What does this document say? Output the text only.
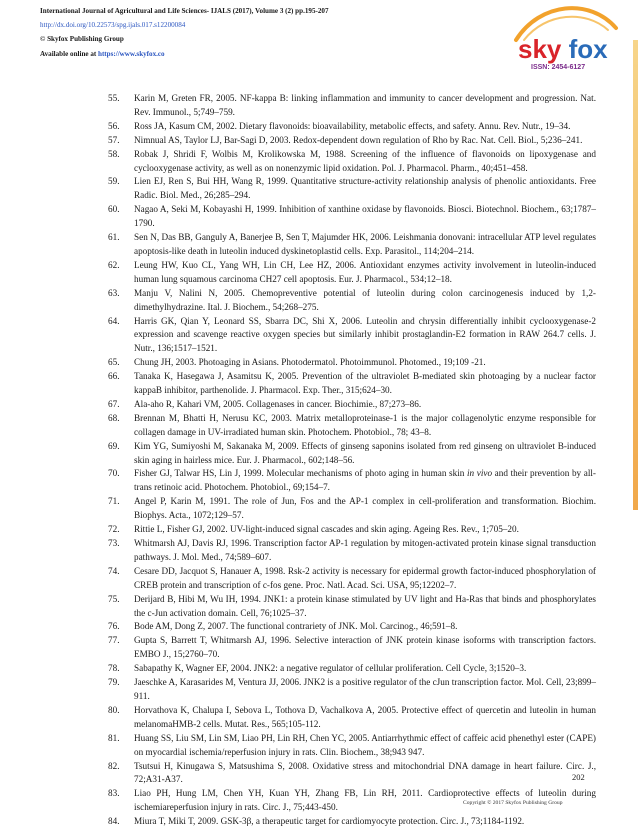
International Journal of Agricultural and Life Sciences- IJALS (2017), Volume 3 (2) pp.195-207
http://dx.doi.org/10.22573/spg.ijals.017.s12200084
© Skyfox Publishing Group
Available online at https://www.skyfox.co	sky fox
ISSN: 2454-6127
55. Karin M, Greten FR, 2005. NF-kappa B: linking inflammation and immunity to cancer development and progression. Nat. Rev. Immunol., 5;749–759.
56. Ross JA, Kasum CM, 2002. Dietary flavonoids: bioavailability, metabolic effects, and safety. Annu. Rev. Nutr., 19–34.
57. Nimnual AS, Taylor LJ, Bar-Sagi D, 2003. Redox-dependent down regulation of Rho by Rac. Nat. Cell. Biol., 5;236–241.
58. Robak J, Shridi F, Wolbis M, Krolikowska M, 1988. Screening of the influence of flavonoids on lipoxygenase and cyclooxygenase activity, as well as on nonenzymic lipid oxidation. Pol. J. Pharmacol. Pharm., 40;451–458.
59. Lien EJ, Ren S, Bui HH, Wang R, 1999. Quantitative structure-activity relationship analysis of phenolic antioxidants. Free Radic. Biol. Med., 26;285–294.
60. Nagao A, Seki M, Kobayashi H, 1999. Inhibition of xanthine oxidase by flavonoids. Biosci. Biotechnol. Biochem., 63;1787–1790.
61. Sen N, Das BB, Ganguly A, Banerjee B, Sen T, Majumder HK, 2006. Leishmania donovani: intracellular ATP level regulates apoptosis-like death in luteolin induced dyskinetoplastid cells. Exp. Parasitol., 114;204–214.
62. Leung HW, Kuo CL, Yang WH, Lin CH, Lee HZ, 2006. Antioxidant enzymes activity involvement in luteolin-induced human lung squamous carcinoma CH27 cell apoptosis. Eur. J. Pharmacol., 534;12–18.
63. Manju V, Nalini N, 2005. Chemopreventive potential of luteolin during colon carcinogenesis induced by 1,2-dimethylhydrazine. Ital. J. Biochem., 54;268–275.
64. Harris GK, Qian Y, Leonard SS, Sbarra DC, Shi X, 2006. Luteolin and chrysin differentially inhibit cyclooxygenase-2 expression and scavenge reactive oxygen species but similarly inhibit prostaglandin-E2 formation in RAW 264.7 cells. J. Nutr., 136;1517–1521.
65. Chung JH, 2003. Photoaging in Asians. Photodermatol. Photoimmunol. Photomed., 19;109 -21.
66. Tanaka K, Hasegawa J, Asamitsu K, 2005. Prevention of the ultraviolet B-mediated skin photoaging by a nuclear factor kappaB inhibitor, parthenolide. J. Pharmacol. Exp. Ther., 315;624–30.
67. Ala-aho R, Kahari VM, 2005. Collagenases in cancer. Biochimie., 87;273–86.
68. Brennan M, Bhatti H, Nerusu KC, 2003. Matrix metalloproteinase-1 is the major collagenolytic enzyme responsible for collagen damage in UV-irradiated human skin. Photochem. Photobiol., 78; 43–8.
69. Kim YG, Sumiyoshi M, Sakanaka M, 2009. Effects of ginseng saponins isolated from red ginseng on ultraviolet B-induced skin aging in hairless mice. Eur. J. Pharmacol., 602;148–56.
70. Fisher GJ, Talwar HS, Lin J, 1999. Molecular mechanisms of photo aging in human skin in vivo and their prevention by all-trans retinoic acid. Photochem. Photobiol., 69;154–7.
71. Angel P, Karin M, 1991. The role of Jun, Fos and the AP-1 complex in cell-proliferation and transformation. Biochim. Biophys. Acta., 1072;129–57.
72. Rittie L, Fisher GJ, 2002. UV-light-induced signal cascades and skin aging. Ageing Res. Rev., 1;705–20.
73. Whitmarsh AJ, Davis RJ, 1996. Transcription factor AP-1 regulation by mitogen-activated protein kinase signal transduction pathways. J. Mol. Med., 74;589–607.
74. Cesare DD, Jacquot S, Hanauer A, 1998. Rsk-2 activity is necessary for epidermal growth factor-induced phosphorylation of CREB protein and transcription of c-fos gene. Proc. Natl. Acad. Sci. USA, 95;12202–7.
75. Derijard B, Hibi M, Wu IH, 1994. JNK1: a protein kinase stimulated by UV light and Ha-Ras that binds and phosphorylates the c-Jun activation domain. Cell, 76;1025–37.
76. Bode AM, Dong Z, 2007. The functional contrariety of JNK. Mol. Carcinog., 46;591–8.
77. Gupta S, Barrett T, Whitmarsh AJ, 1996. Selective interaction of JNK protein kinase isoforms with transcription factors. EMBO J., 15;2760–70.
78. Sabapathy K, Wagner EF, 2004. JNK2: a negative regulator of cellular proliferation. Cell Cycle, 3;1520–3.
79. Jaeschke A, Karasarides M, Ventura JJ, 2006. JNK2 is a positive regulator of the cJun transcription factor. Mol. Cell, 23;899–911.
80. Horvathova K, Chalupa I, Sebova L, Tothova D, Vachalkova A, 2005. Protective effect of quercetin and luteolin in human melanomaHMB-2 cells. Mutat. Res., 565;105-112.
81. Huang SS, Liu SM, Lin SM, Liao PH, Lin RH, Chen YC, 2005. Antiarrhythmic effect of caffeic acid phenethyl ester (CAPE) on myocardial ischemia/reperfusion injury in rats. Clin. Biochem., 38;943 947.
82. Tsutsui H, Kinugawa S, Matsushima S, 2008. Oxidative stress and mitochondrial DNA damage in heart failure. Circ. J., 72;A31-A37.
83. Liao PH, Hung LM, Chen YH, Kuan YH, Zhang FB, Lin RH, 2011. Cardioprotective effects of luteolin during ischemiareperfusion injury in rats. Circ. J., 75;443-450.
84. Miura T, Miki T, 2009. GSK-3β, a therapeutic target for cardiomyocyte protection. Circ. J., 73;1184-1192.
202
Copyright © 2017 Skyfox Publishing Group
